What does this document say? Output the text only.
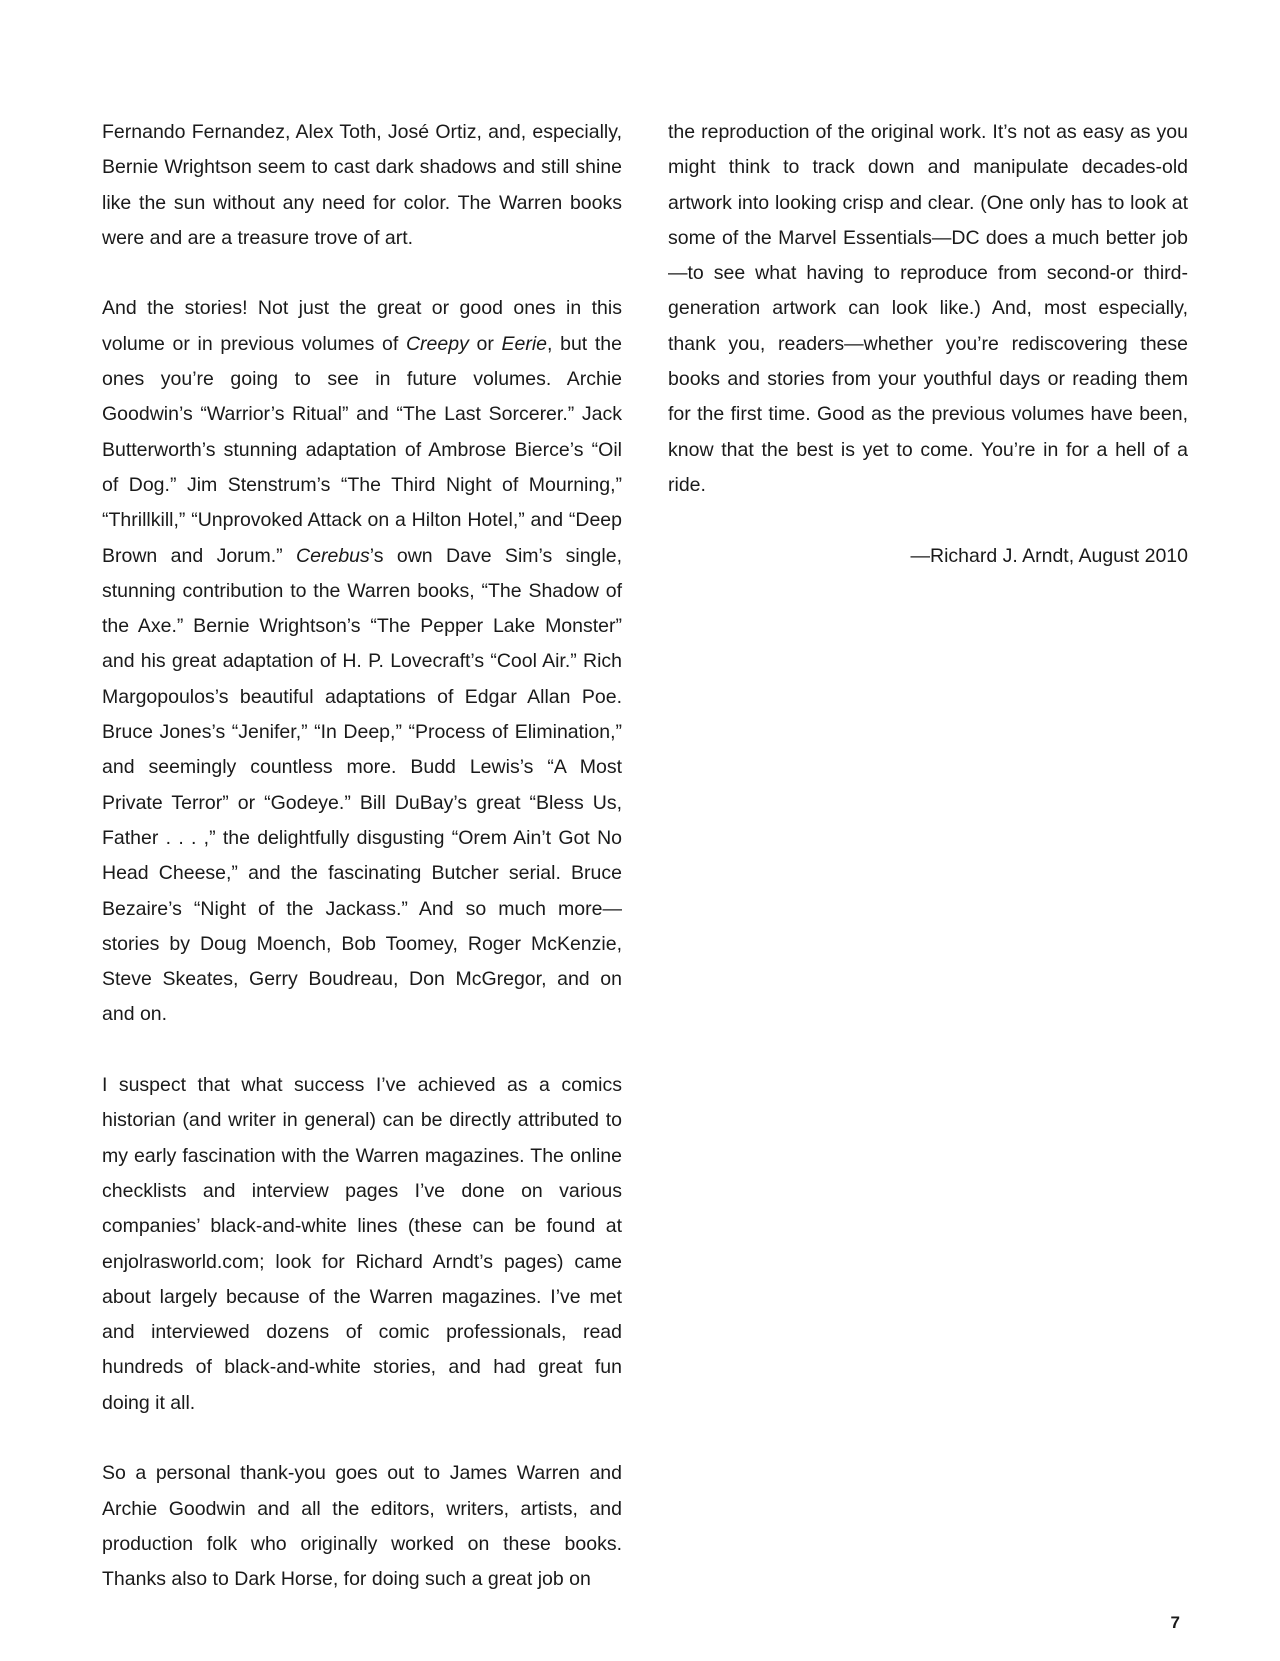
Fernando Fernandez, Alex Toth, José Ortiz, and, especially, Bernie Wrightson seem to cast dark shadows and still shine like the sun without any need for color. The Warren books were and are a treasure trove of art.

And the stories! Not just the great or good ones in this volume or in previous volumes of Creepy or Eerie, but the ones you’re going to see in future volumes. Archie Goodwin’s “Warrior’s Ritual” and “The Last Sorcerer.” Jack Butterworth’s stunning adaptation of Ambrose Bierce’s “Oil of Dog.” Jim Stenstrum’s “The Third Night of Mourning,” “Thrillkill,” “Unprovoked Attack on a Hilton Hotel,” and “Deep Brown and Jorum.” Cerebus’s own Dave Sim’s single, stunning contribution to the Warren books, “The Shadow of the Axe.” Bernie Wrightson’s “The Pepper Lake Monster” and his great adaptation of H. P. Lovecraft’s “Cool Air.” Rich Margopoulos’s beautiful adaptations of Edgar Allan Poe. Bruce Jones’s “Jenifer,” “In Deep,” “Process of Elimination,” and seemingly countless more. Budd Lewis’s “A Most Private Terror” or “Godeye.” Bill DuBay’s great “Bless Us, Father . . . ,” the delightfully disgusting “Orem Ain’t Got No Head Cheese,” and the fascinating Butcher serial. Bruce Bezaire’s “Night of the Jackass.” And so much more—stories by Doug Moench, Bob Toomey, Roger McKenzie, Steve Skeates, Gerry Boudreau, Don McGregor, and on and on.

I suspect that what success I’ve achieved as a comics historian (and writer in general) can be directly attributed to my early fascination with the Warren magazines. The online checklists and interview pages I’ve done on various companies’ black-and-white lines (these can be found at enjolrasworld.com; look for Richard Arndt’s pages) came about largely because of the Warren magazines. I’ve met and interviewed dozens of comic professionals, read hundreds of black-and-white stories, and had great fun doing it all.

So a personal thank-you goes out to James Warren and Archie Goodwin and all the editors, writers, artists, and production folk who originally worked on these books. Thanks also to Dark Horse, for doing such a great job on

the reproduction of the original work. It’s not as easy as you might think to track down and manipulate decades-old artwork into looking crisp and clear. (One only has to look at some of the Marvel Essentials—DC does a much better job—to see what having to reproduce from second-or third-generation artwork can look like.) And, most especially, thank you, readers—whether you’re rediscovering these books and stories from your youthful days or reading them for the first time. Good as the previous volumes have been, know that the best is yet to come. You’re in for a hell of a ride.

—Richard J. Arndt, August 2010

7
